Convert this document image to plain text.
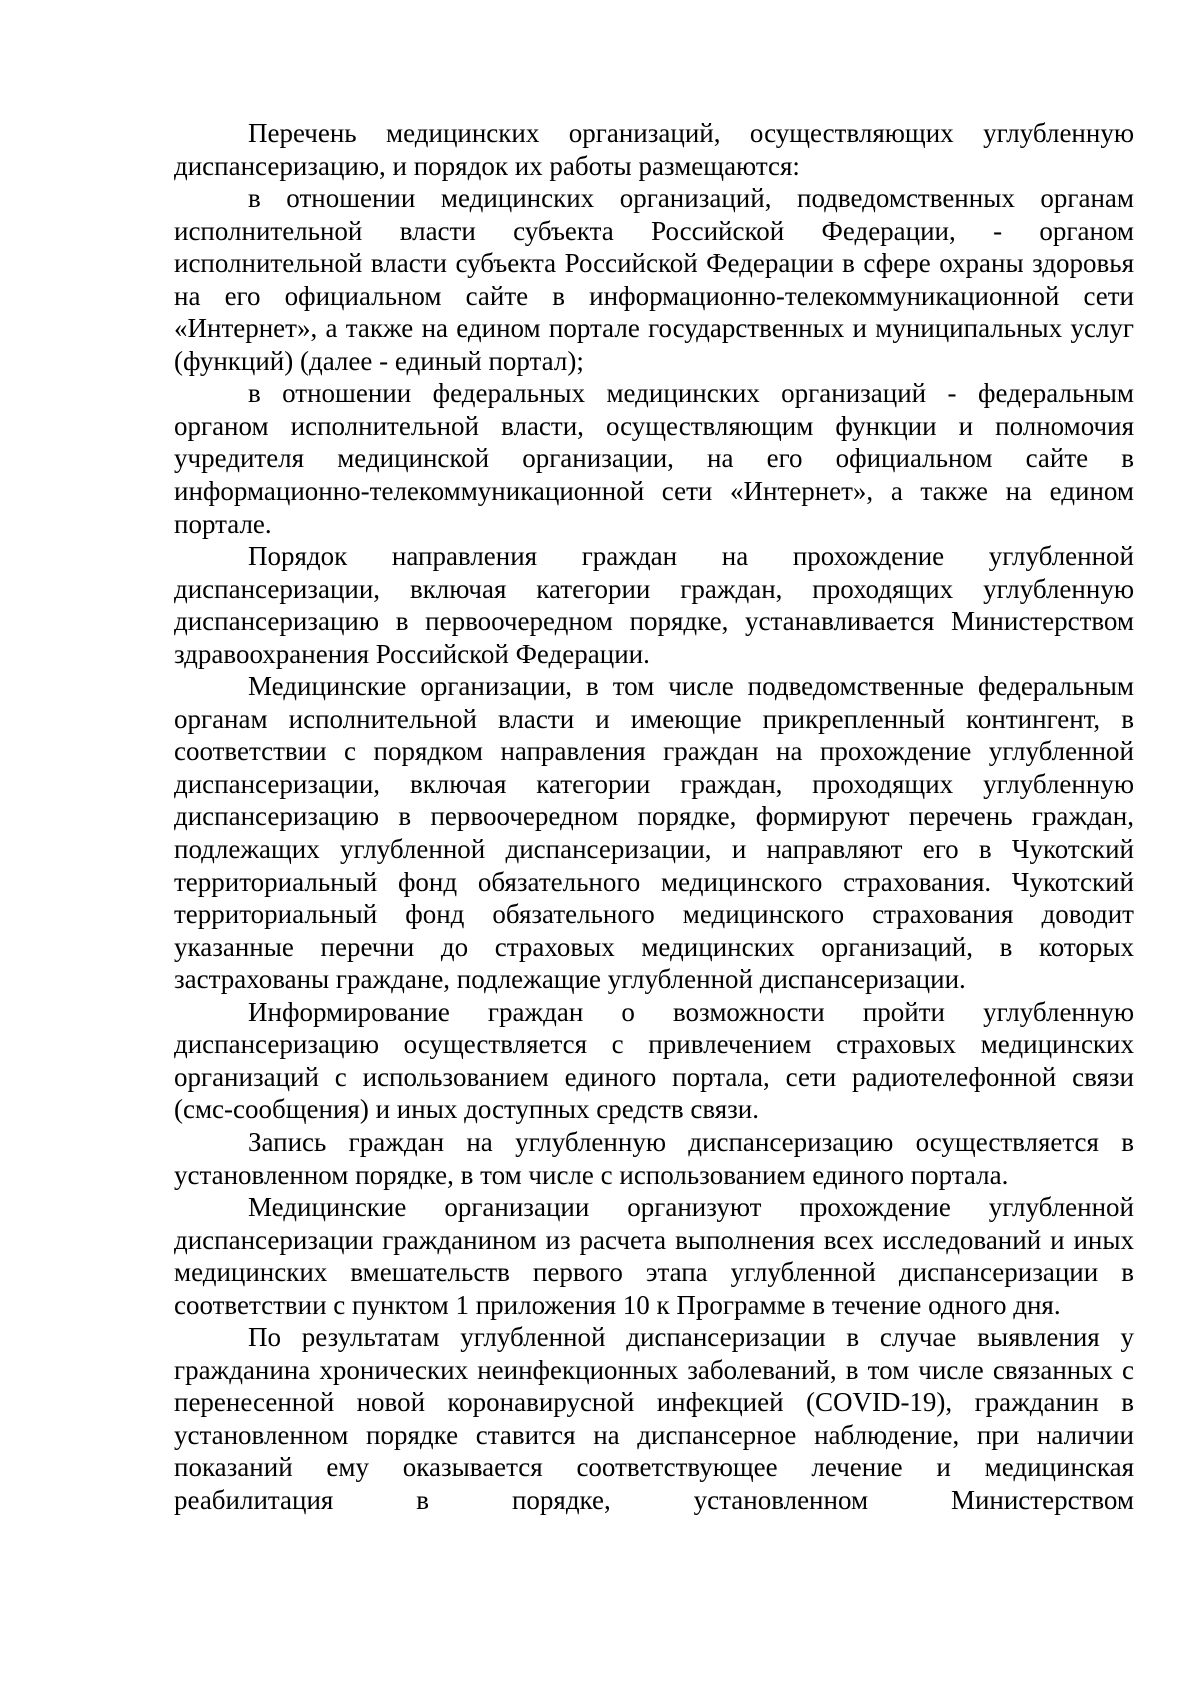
Перечень медицинских организаций, осуществляющих углубленную диспансеризацию, и порядок их работы размещаются:

в отношении медицинских организаций, подведомственных органам исполнительной власти субъекта Российской Федерации, - органом исполнительной власти субъекта Российской Федерации в сфере охраны здоровья на его официальном сайте в информационно-телекоммуникационной сети «Интернет», а также на едином портале государственных и муниципальных услуг (функций) (далее - единый портал);

в отношении федеральных медицинских организаций - федеральным органом исполнительной власти, осуществляющим функции и полномочия учредителя медицинской организации, на его официальном сайте в информационно-телекоммуникационной сети «Интернет», а также на едином портале.

Порядок направления граждан на прохождение углубленной диспансеризации, включая категории граждан, проходящих углубленную диспансеризацию в первоочередном порядке, устанавливается Министерством здравоохранения Российской Федерации.

Медицинские организации, в том числе подведомственные федеральным органам исполнительной власти и имеющие прикрепленный контингент, в соответствии с порядком направления граждан на прохождение углубленной диспансеризации, включая категории граждан, проходящих углубленную диспансеризацию в первоочередном порядке, формируют перечень граждан, подлежащих углубленной диспансеризации, и направляют его в Чукотский территориальный фонд обязательного медицинского страхования. Чукотский территориальный фонд обязательного медицинского страхования доводит указанные перечни до страховых медицинских организаций, в которых застрахованы граждане, подлежащие углубленной диспансеризации.

Информирование граждан о возможности пройти углубленную диспансеризацию осуществляется с привлечением страховых медицинских организаций с использованием единого портала, сети радиотелефонной связи (смс-сообщения) и иных доступных средств связи.

Запись граждан на углубленную диспансеризацию осуществляется в установленном порядке, в том числе с использованием единого портала.

Медицинские организации организуют прохождение углубленной диспансеризации гражданином из расчета выполнения всех исследований и иных медицинских вмешательств первого этапа углубленной диспансеризации в соответствии с пунктом 1 приложения 10 к Программе в течение одного дня.

По результатам углубленной диспансеризации в случае выявления у гражданина хронических неинфекционных заболеваний, в том числе связанных с перенесенной новой коронавирусной инфекцией (COVID-19), гражданин в установленном порядке ставится на диспансерное наблюдение, при наличии показаний ему оказывается соответствующее лечение и медицинская реабилитация в порядке, установленном Министерством
